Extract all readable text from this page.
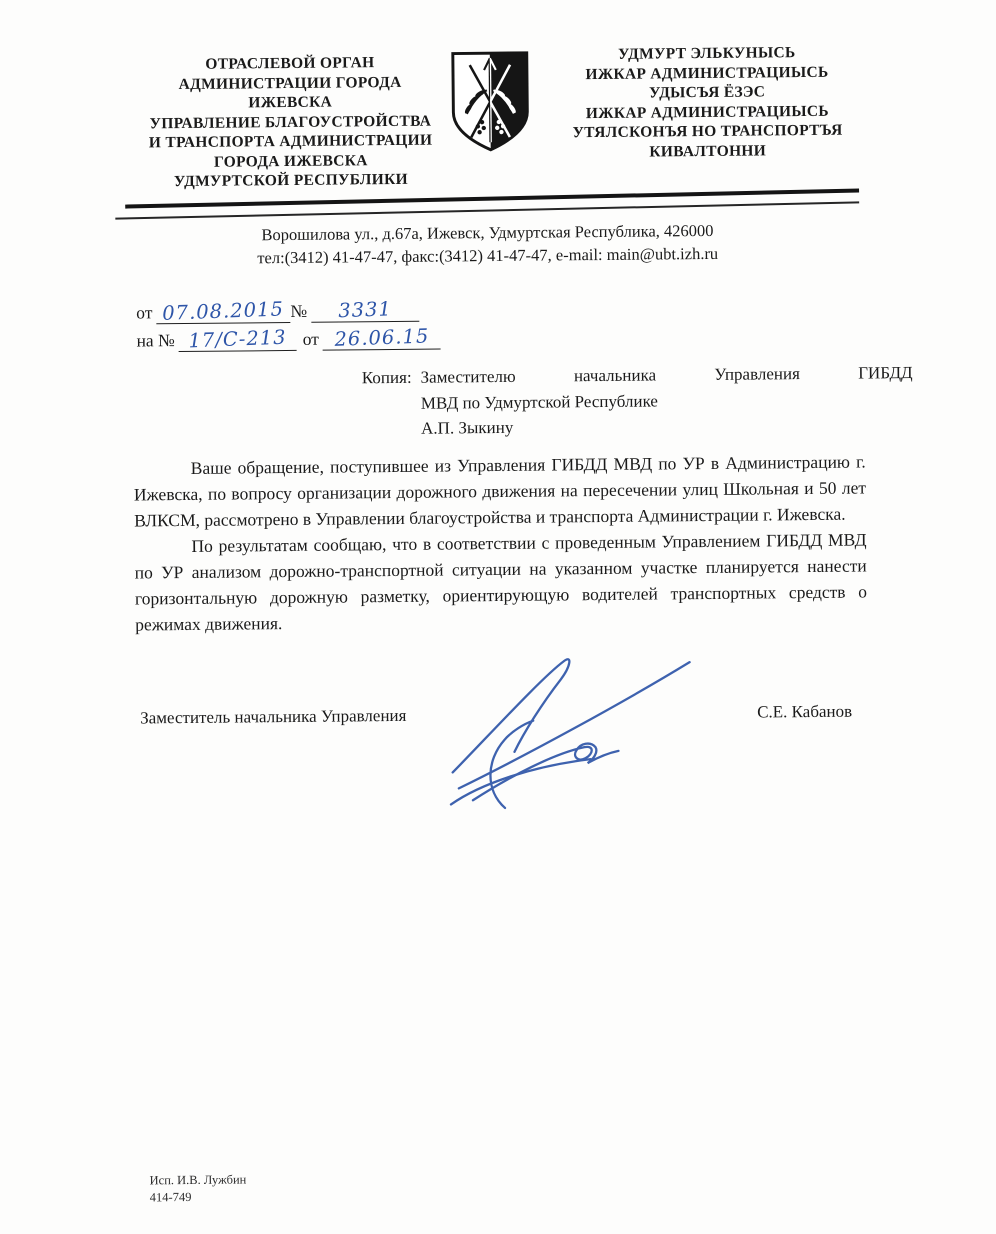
ОТРАСЛЕВОЙ ОРГАН
АДМИНИСТРАЦИИ ГОРОДА
ИЖЕВСКА
УПРАВЛЕНИЕ БЛАГОУСТРОЙСТВА
И ТРАНСПОРТА АДМИНИСТРАЦИИ
ГОРОДА ИЖЕВСКА
УДМУРТСКОЙ РЕСПУБЛИКИ
УДМУРТ ЭЛЬКУНЫСЬ
ИЖКАР АДМИНИСТРАЦИЫСЬ
УДЫСЪЯ ЁЗЭС
ИЖКАР АДМИНИСТРАЦИЫСЬ
УТЯЛСКОНЪЯ НО ТРАНСПОРТЪЯ
КИВАЛТОННИ
Ворошилова ул., д.67а, Ижевск, Удмуртская Республика, 426000
тел:(3412) 41-47-47, факс:(3412) 41-47-47, e-mail: main@ubt.izh.ru
от 07.08.2015 №	3331
на № 17/С-213 от 26.06.15
Копия: Заместителю начальника Управления ГИБДД
МВД по Удмуртской Республике
А.П. Зыкину

Ваше обращение, поступившее из Управления ГИБДД МВД по УР в Администрацию г. Ижевска, по вопросу организации дорожного движения на пересечении улиц Школьная и 50 лет ВЛКСМ, рассмотрено в Управлении благоустройства и транспорта Администрации г. Ижевска.

По результатам сообщаю, что в соответствии с проведенным Управлением ГИБДД МВД по УР анализом дорожно-транспортной ситуации на указанном участке планируется нанести горизонтальную дорожную разметку, ориентирующую водителей транспортных средств о режимах движения.

Заместитель начальника Управления	С.Е. Кабанов
Исп. И.В. Лужбин
414-749
